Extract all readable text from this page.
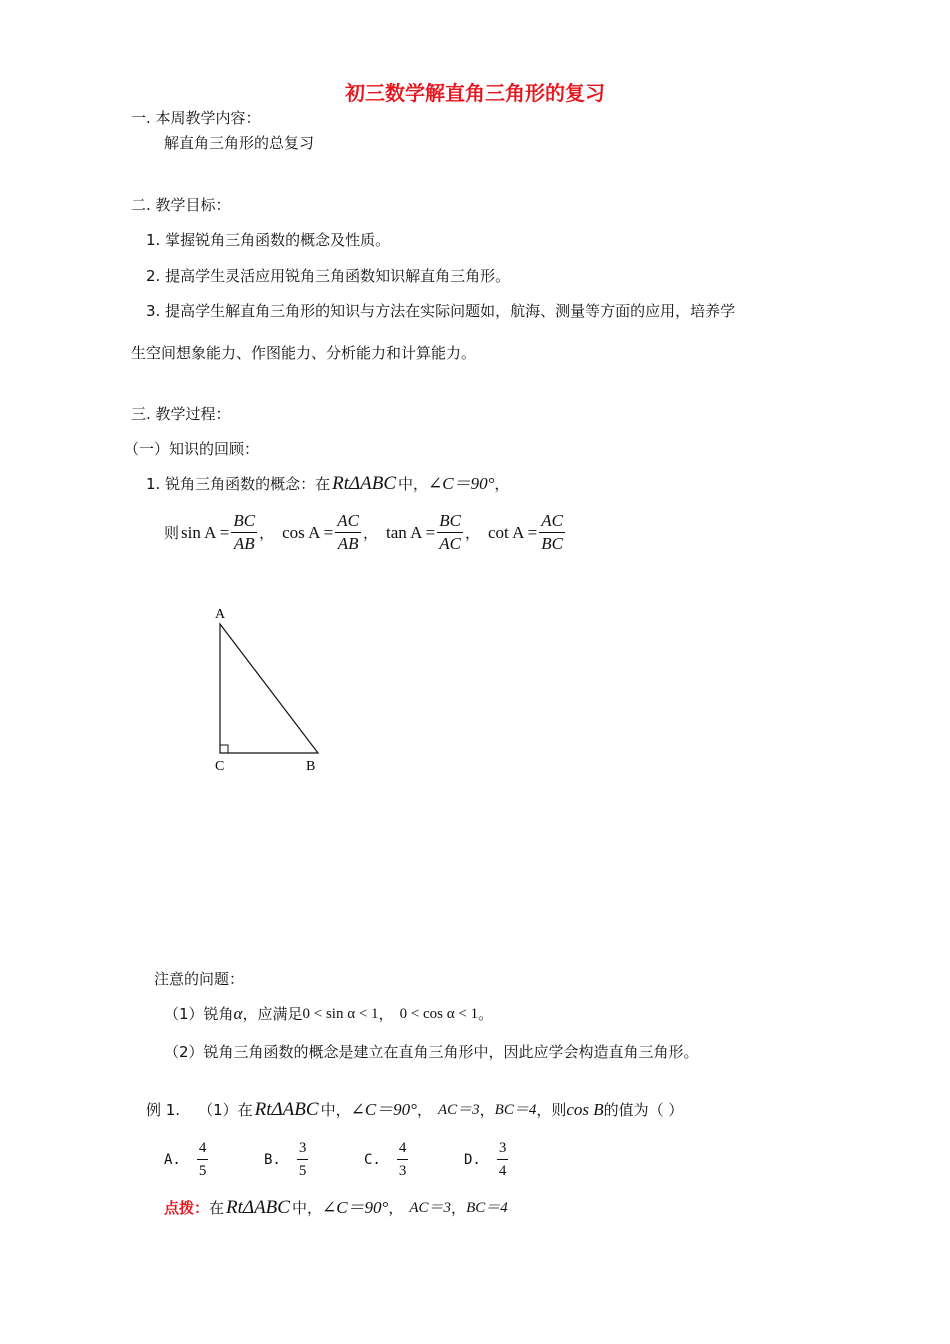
初三数学解直角三角形的复习
一. 本周教学内容：
解直角三角形的总复习
二. 教学目标：
1. 掌握锐角三角函数的概念及性质。
2. 提高学生灵活应用锐角三角函数知识解直角三角形。
3. 提高学生解直角三角形的知识与方法在实际问题如，航海、测量等方面的应用，培养学
生空间想象能力、作图能力、分析能力和计算能力。
三. 教学过程：
（一）知识的回顾：
1. 锐角三角函数的概念：在 RtΔABC 中， ∠C＝90° ，
则 $\sin A = \frac{BC}{AB}$ ， $\cos A = \frac{AC}{AB}$ ， $\tan A = \frac{BC}{AC}$ ， $\cot A = \frac{AC}{BC}$
A
C	B
注意的问题：
（1）锐角 α ，应满足 0 < sin α < 1 ， 0 < cos α < 1 。
（2）锐角三角函数的概念是建立在直角三角形中，因此应学会构造直角三角形。
例 1. （1）在 RtΔABC 中， ∠C＝90° ， AC＝3 ， BC＝4 ，则 cos B 的值为（ ）
A. $\frac{4}{5}$	B. $\frac{3}{5}$	C. $\frac{4}{3}$	D. $\frac{3}{4}$
点拨： 在 RtΔABC 中， ∠C＝90° ， AC＝3 ， BC＝4
